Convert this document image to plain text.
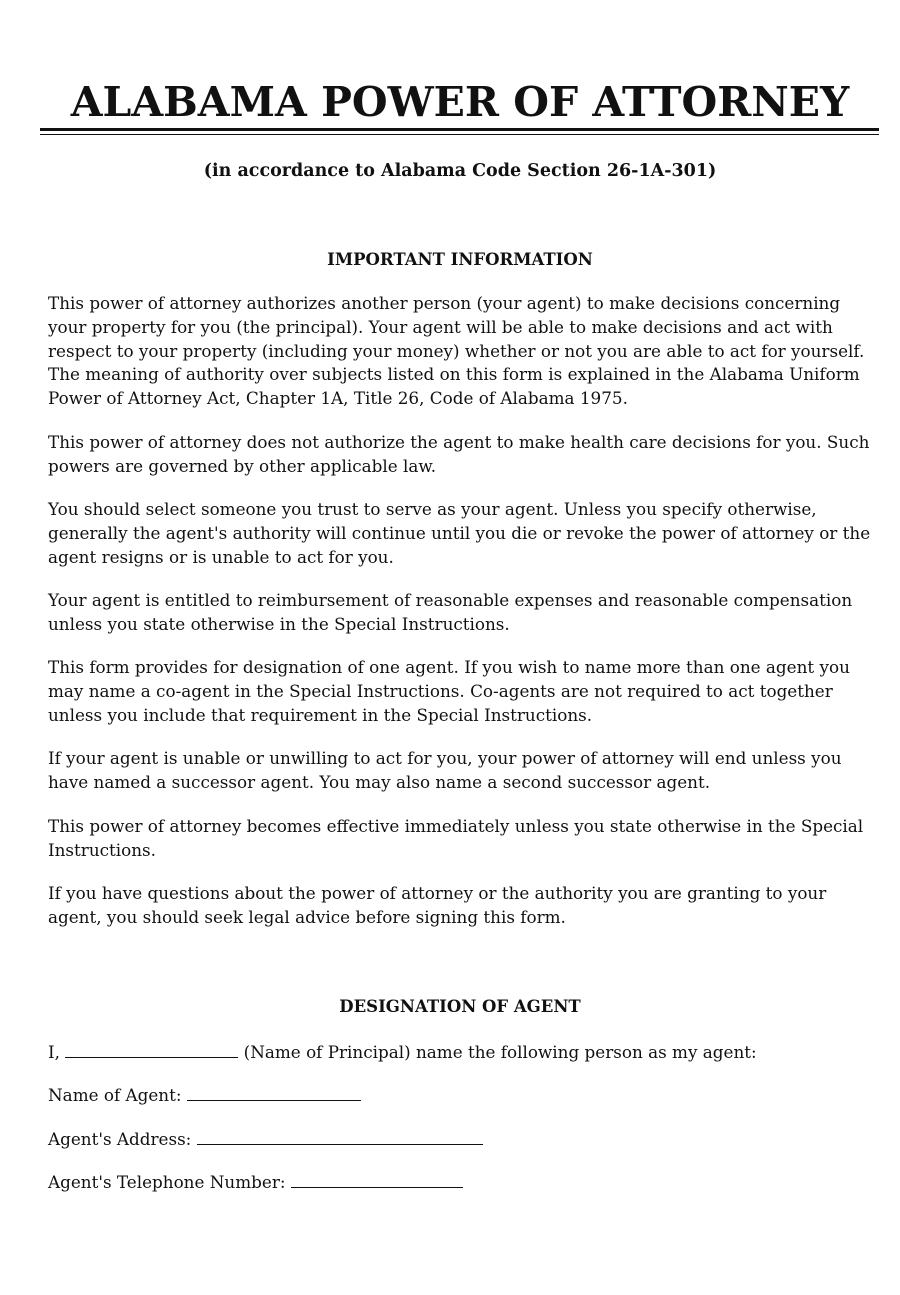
ALABAMA POWER OF ATTORNEY

(in accordance to Alabama Code Section 26-1A-301)

IMPORTANT INFORMATION

This power of attorney authorizes another person (your agent) to make decisions concerning your property for you (the principal). Your agent will be able to make decisions and act with respect to your property (including your money) whether or not you are able to act for yourself. The meaning of authority over subjects listed on this form is explained in the Alabama Uniform Power of Attorney Act, Chapter 1A, Title 26, Code of Alabama 1975.

This power of attorney does not authorize the agent to make health care decisions for you. Such powers are governed by other applicable law.

You should select someone you trust to serve as your agent. Unless you specify otherwise, generally the agent's authority will continue until you die or revoke the power of attorney or the agent resigns or is unable to act for you.

Your agent is entitled to reimbursement of reasonable expenses and reasonable compensation unless you state otherwise in the Special Instructions.

This form provides for designation of one agent. If you wish to name more than one agent you may name a co-agent in the Special Instructions. Co-agents are not required to act together unless you include that requirement in the Special Instructions.

If your agent is unable or unwilling to act for you, your power of attorney will end unless you have named a successor agent. You may also name a second successor agent.

This power of attorney becomes effective immediately unless you state otherwise in the Special Instructions.

If you have questions about the power of attorney or the authority you are granting to your agent, you should seek legal advice before signing this form.

DESIGNATION OF AGENT

I,	(Name of Principal) name the following person as my agent:

Name of Agent:

Agent's Address:

Agent's Telephone Number:
